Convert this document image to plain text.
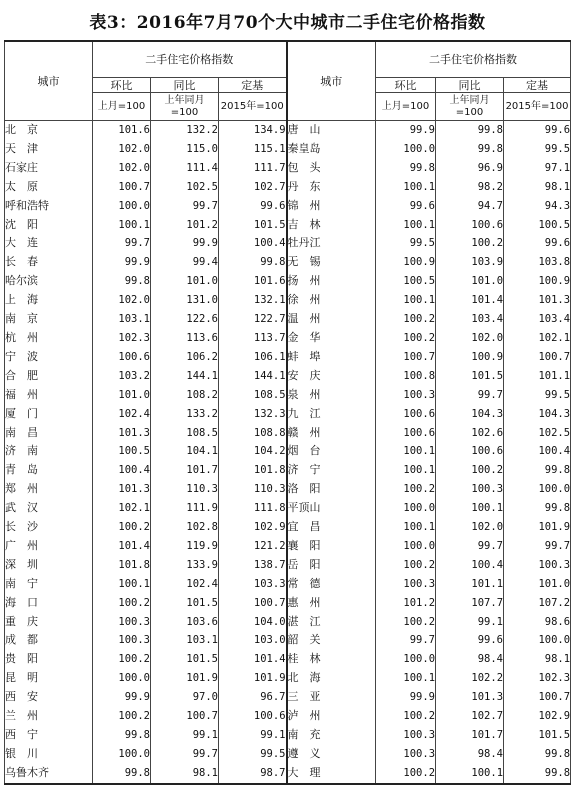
表3：2016年7月70个大中城市二手住宅价格指数
城市	二手住宅价格指数			城市	二手住宅价格指数		
	环比	同比	定基		环比	同比	定基
	上月=100	上年同月=100	2015年=100		上月=100	上年同月=100	2015年=100
北　京	101.6	132.2	134.9	唐　山	99.9	99.8	99.6
天　津	102.0	115.0	115.1	秦皇岛	100.0	99.8	99.5
石家庄	102.0	111.4	111.7	包　头	99.8	96.9	97.1
太　原	100.7	102.5	102.7	丹　东	100.1	98.2	98.1
呼和浩特	100.0	99.7	99.6	锦　州	99.6	94.7	94.3
沈　阳	100.1	101.2	101.5	吉　林	100.1	100.6	100.5
大　连	99.7	99.9	100.4	牡丹江	99.5	100.2	99.6
长　春	99.9	99.4	99.8	无　锡	100.9	103.9	103.8
哈尔滨	99.8	101.0	101.6	扬　州	100.5	101.0	100.9
上　海	102.0	131.0	132.1	徐　州	100.1	101.4	101.3
南　京	103.1	122.6	122.7	温　州	100.2	103.4	103.4
杭　州	102.3	113.6	113.7	金　华	100.2	102.0	102.1
宁　波	100.6	106.2	106.1	蚌　埠	100.7	100.9	100.7
合　肥	103.2	144.1	144.1	安　庆	100.8	101.5	101.1
福　州	101.0	108.2	108.5	泉　州	100.3	99.7	99.5
厦　门	102.4	133.2	132.3	九　江	100.6	104.3	104.3
南　昌	101.3	108.5	108.8	赣　州	100.6	102.6	102.5
济　南	100.5	104.1	104.2	烟　台	100.1	100.6	100.4
青　岛	100.4	101.7	101.8	济　宁	100.1	100.2	99.8
郑　州	101.3	110.3	110.3	洛　阳	100.2	100.3	100.0
武　汉	102.1	111.9	111.8	平顶山	100.0	100.1	99.8
长　沙	100.2	102.8	102.9	宜　昌	100.1	102.0	101.9
广　州	101.4	119.9	121.2	襄　阳	100.0	99.7	99.7
深　圳	101.8	133.9	138.7	岳　阳	100.2	100.4	100.3
南　宁	100.1	102.4	103.3	常　德	100.3	101.1	101.0
海　口	100.2	101.5	100.7	惠　州	101.2	107.7	107.2
重　庆	100.3	103.6	104.0	湛　江	100.2	99.1	98.6
成　都	100.3	103.1	103.0	韶　关	99.7	99.6	100.0
贵　阳	100.2	101.5	101.4	桂　林	100.0	98.4	98.1
昆　明	100.0	101.9	101.9	北　海	100.1	102.2	102.3
西　安	99.9	97.0	96.7	三　亚	99.9	101.3	100.7
兰　州	100.2	100.7	100.6	泸　州	100.2	102.7	102.9
西　宁	99.8	99.1	99.1	南　充	100.3	101.7	101.5
银　川	100.0	99.7	99.5	遵　义	100.3	98.4	99.8
乌鲁木齐	99.8	98.1	98.7	大　理	100.2	100.1	99.8
